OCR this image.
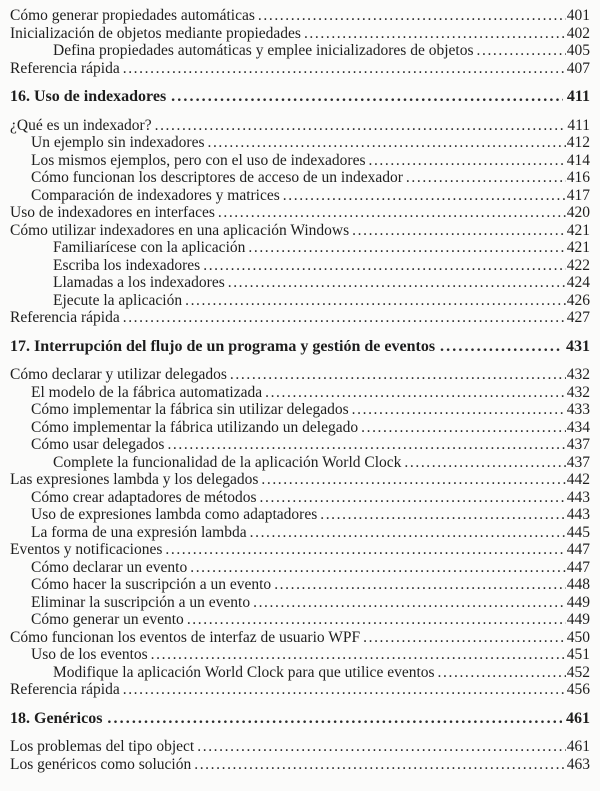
Cómo generar propiedades automáticas .....	401
Inicialización de objetos mediante propiedades .....	402
Defina propiedades automáticas y emplee inicializadores de objetos .....	405
Referencia rápida .....	407
16. Uso de indexadores .....	411
¿Qué es un indexador? .....	411
Un ejemplo sin indexadores .....	412
Los mismos ejemplos, pero con el uso de indexadores .....	414
Cómo funcionan los descriptores de acceso de un indexador .....	416
Comparación de indexadores y matrices .....	417
Uso de indexadores en interfaces .....	420
Cómo utilizar indexadores en una aplicación Windows .....	421
Familiarícese con la aplicación .....	421
Escriba los indexadores .....	422
Llamadas a los indexadores .....	424
Ejecute la aplicación .....	426
Referencia rápida .....	427
17. Interrupción del flujo de un programa y gestión de eventos .....	431
Cómo declarar y utilizar delegados .....	432
El modelo de la fábrica automatizada .....	432
Cómo implementar la fábrica sin utilizar delegados .....	433
Cómo implementar la fábrica utilizando un delegado .....	434
Cómo usar delegados .....	437
Complete la funcionalidad de la aplicación World Clock .....	437
Las expresiones lambda y los delegados .....	442
Cómo crear adaptadores de métodos .....	443
Uso de expresiones lambda como adaptadores .....	443
La forma de una expresión lambda .....	445
Eventos y notificaciones .....	447
Cómo declarar un evento .....	447
Cómo hacer la suscripción a un evento .....	448
Eliminar la suscripción a un evento .....	449
Cómo generar un evento .....	449
Cómo funcionan los eventos de interfaz de usuario WPF .....	450
Uso de los eventos .....	451
Modifique la aplicación World Clock para que utilice eventos .....	452
Referencia rápida .....	456
18. Genéricos .....	461
Los problemas del tipo object .....	461
Los genéricos como solución .....	463
